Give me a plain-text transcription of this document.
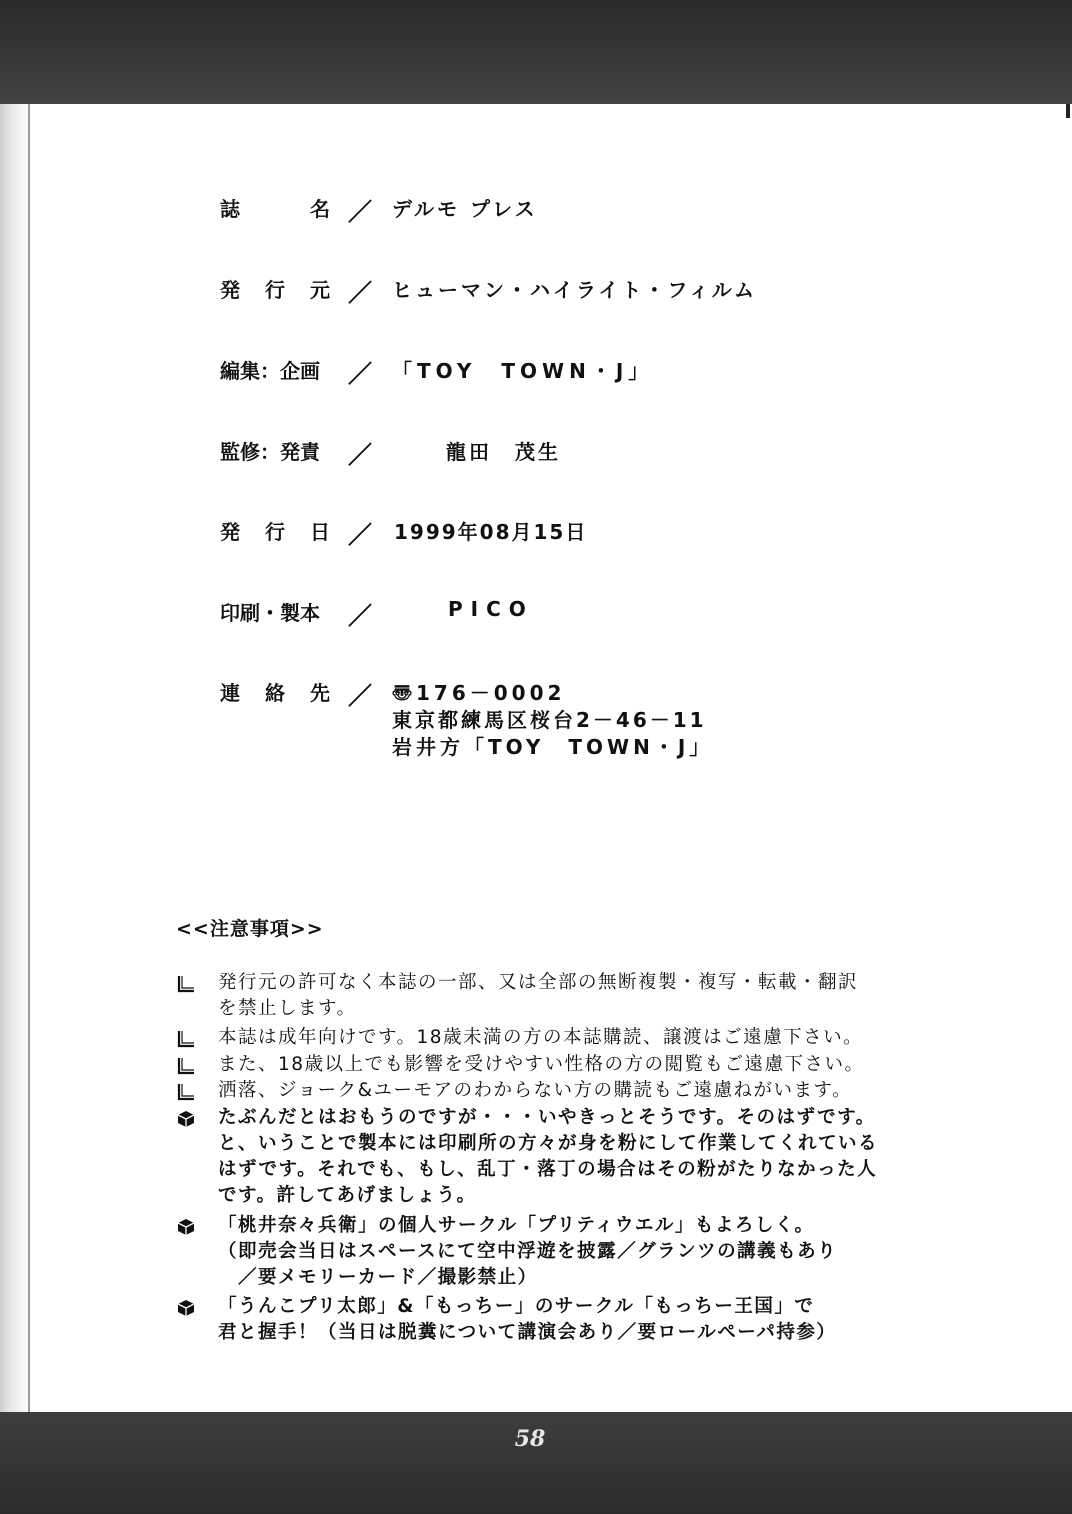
58
誌	名 ／ デルモ プレス
発 行 元 ／ ヒューマン・ハイライト・フィルム
編集：企画 ／ 「TOY　TOWN・J」
監修：発責 ／	龍田　茂生
発 行 日 ／ 1999年08月15日
印刷・製本 ／	PICO
連 絡 先 ／ 〠176－0002
東京都練馬区桜台2－46－11
岩井方「TOY　TOWN・J」
<<注意事項>>
発行元の許可なく本誌の一部、又は全部の無断複製・複写・転載・翻訳
を禁止します。
本誌は成年向けです。18歳未満の方の本誌購読、譲渡はご遠慮下さい。
また、18歳以上でも影響を受けやすい性格の方の閲覧もご遠慮下さい。
洒落、ジョーク&ユーモアのわからない方の購読もご遠慮ねがいます。
たぶんだとはおもうのですが・・・いやきっとそうです。そのはずです。
と、いうことで製本には印刷所の方々が身を粉にして作業してくれている
はずです。それでも、もし、乱丁・落丁の場合はその粉がたりなかった人
です。許してあげましょう。
「桃井奈々兵衛」の個人サークル「プリティウエル」もよろしく。
（即売会当日はスペースにて空中浮遊を披露／グランツの講義もあり
　／要メモリーカード／撮影禁止）
「うんこプリ太郎」&「もっちー」のサークル「もっちー王国」で
君と握手！（当日は脱糞について講演会あり／要ロールペーパ持参）
